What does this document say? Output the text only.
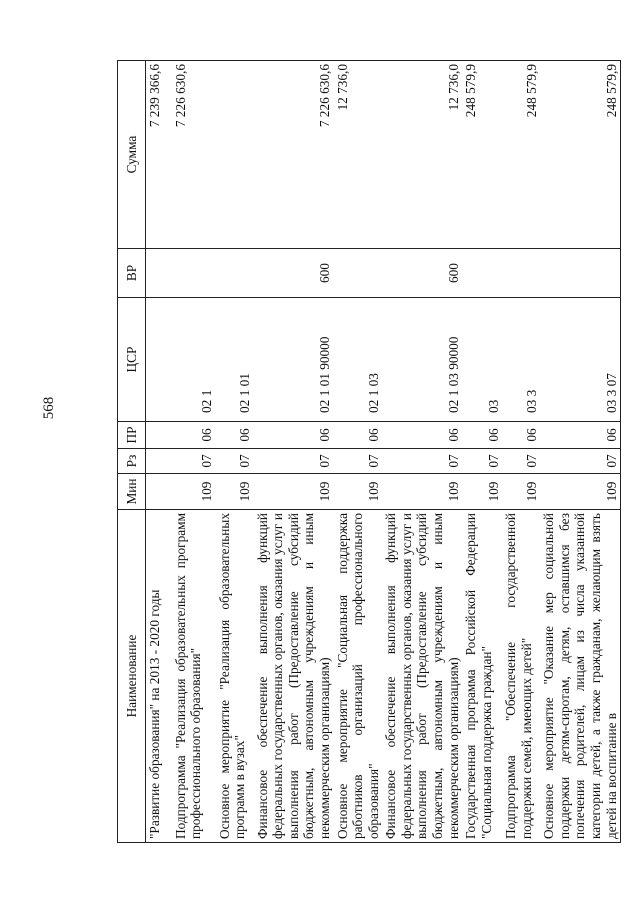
568
Наименование	Мин	Рз	ПР	ЦСР	ВР	Сумма
"Развитие образования" на 2013 - 2020 годы						7 239 366,6
Подпрограмма "Реализация образовательных программ профессионального образования"	109	07	06	02 1		7 226 630,6
Основное мероприятие "Реализация образовательных программ в вузах"	109	07	06	02 1 01		
Финансовое обеспечение выполнения функций федеральных государственных органов, оказания услуг и выполнения работ (Предоставление субсидий бюджетным, автономным учреждениям и иным некоммерческим организациям)	109	07	06	02 1 01 90000	600	7 226 630,6
Основное мероприятие "Социальная поддержка работников организаций профессионального образования"	109	07	06	02 1 03		12 736,0
Финансовое обеспечение выполнения функций федеральных государственных органов, оказания услуг и выполнения работ (Предоставление субсидий бюджетным, автономным учреждениям и иным некоммерческим организациям)	109	07	06	02 1 03 90000	600	12 736,0
Государственная программа Российской Федерации "Социальная поддержка граждан"	109	07	06	03		248 579,9
Подпрограмма "Обеспечение государственной поддержки семей, имеющих детей"	109	07	06	03 3		248 579,9
Основное мероприятие "Оказание мер социальной поддержки детям-сиротам, детям, оставшимся без попечения родителей, лицам из числа указанной категории детей, а также гражданам, желающим взять детей на воспитание в	109	07	06	03 3 07		248 579,9
